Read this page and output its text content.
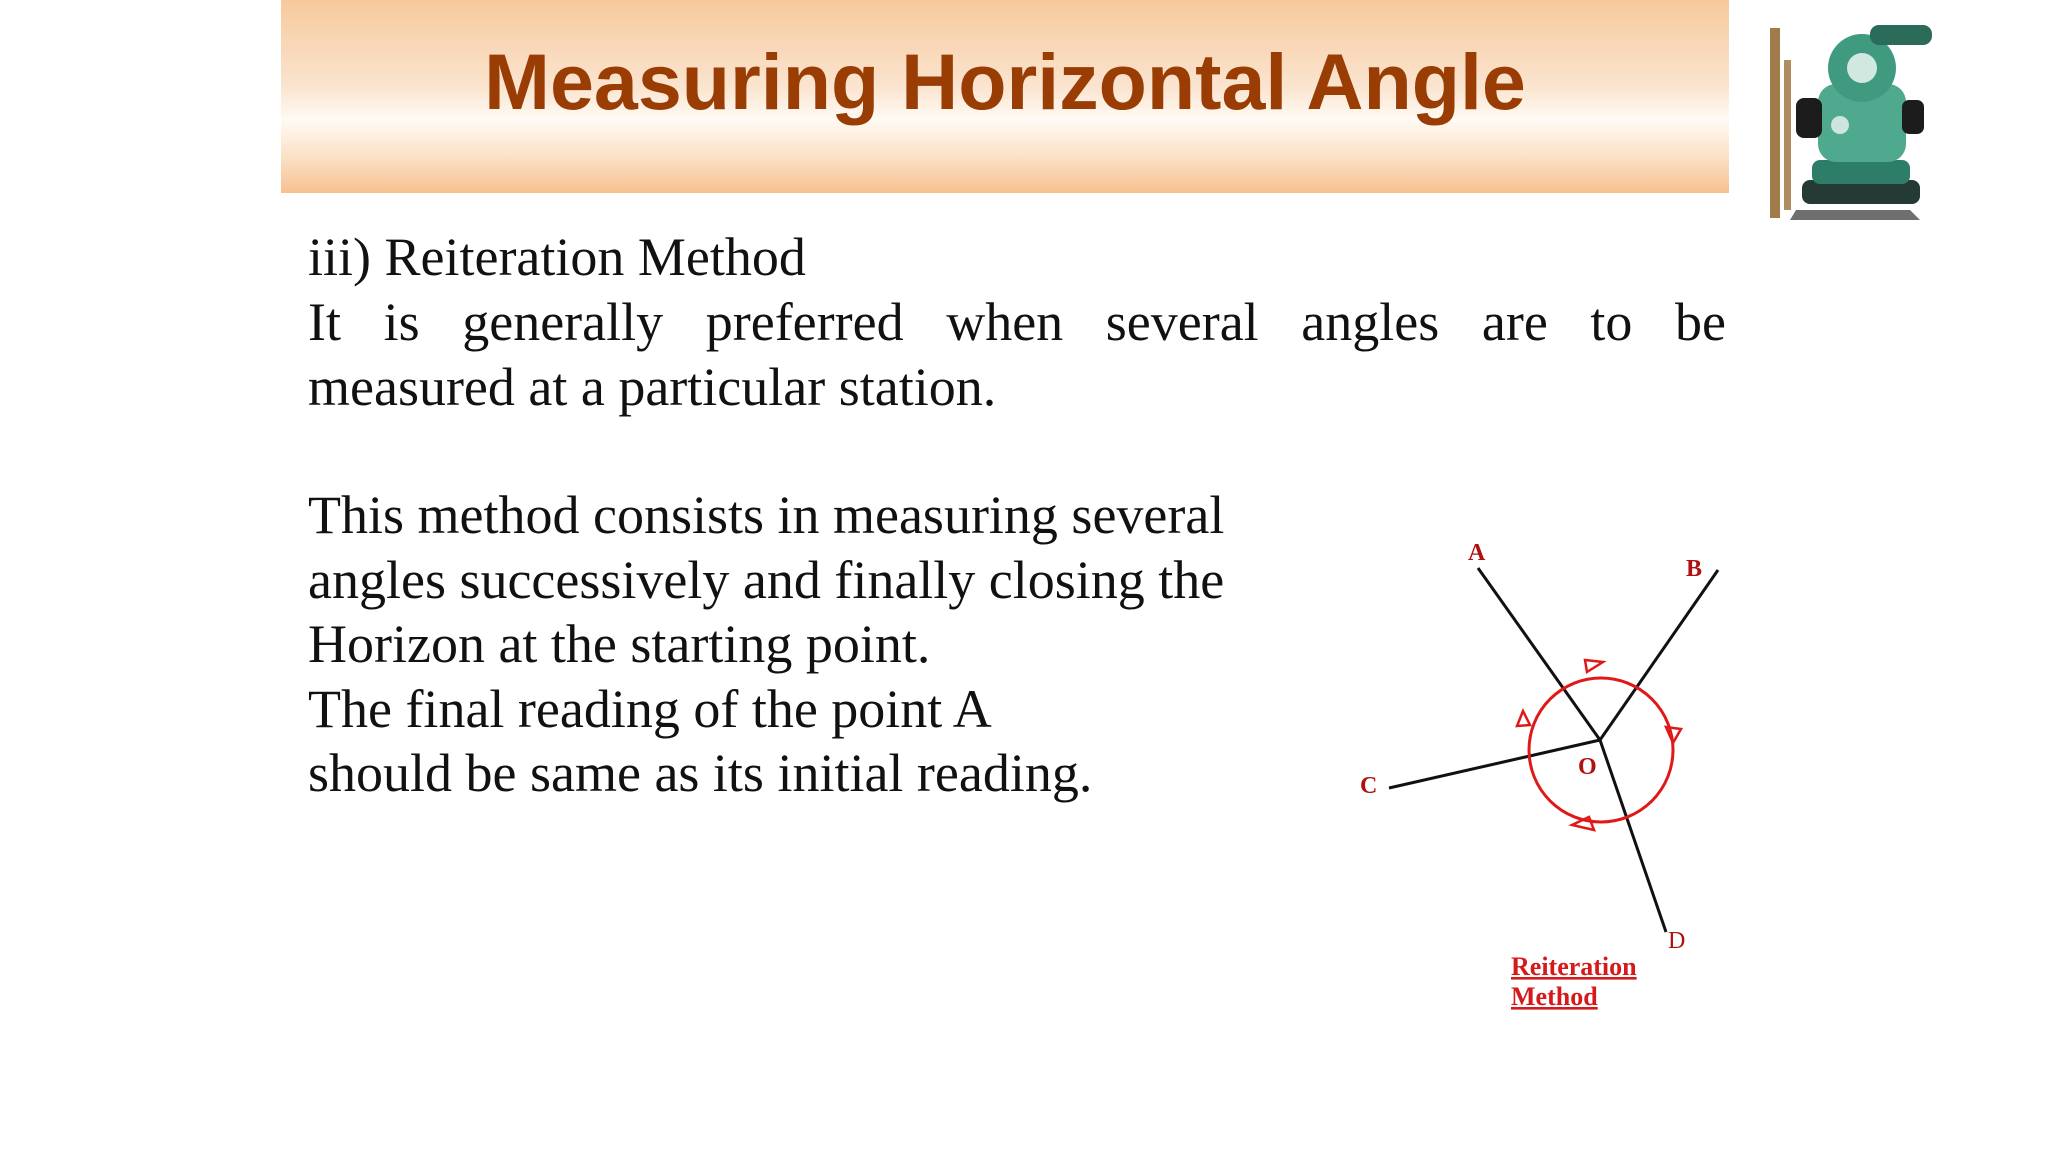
Measuring Horizontal Angle
iii) Reiteration Method
It is generally preferred when several angles are to be
measured at a particular station.
This method consists in measuring several
angles successively and finally closing the
Horizon at the starting point.
The final reading of the point A
should be same as its initial reading.
A
B
C
D
O
Reiteration
Method
